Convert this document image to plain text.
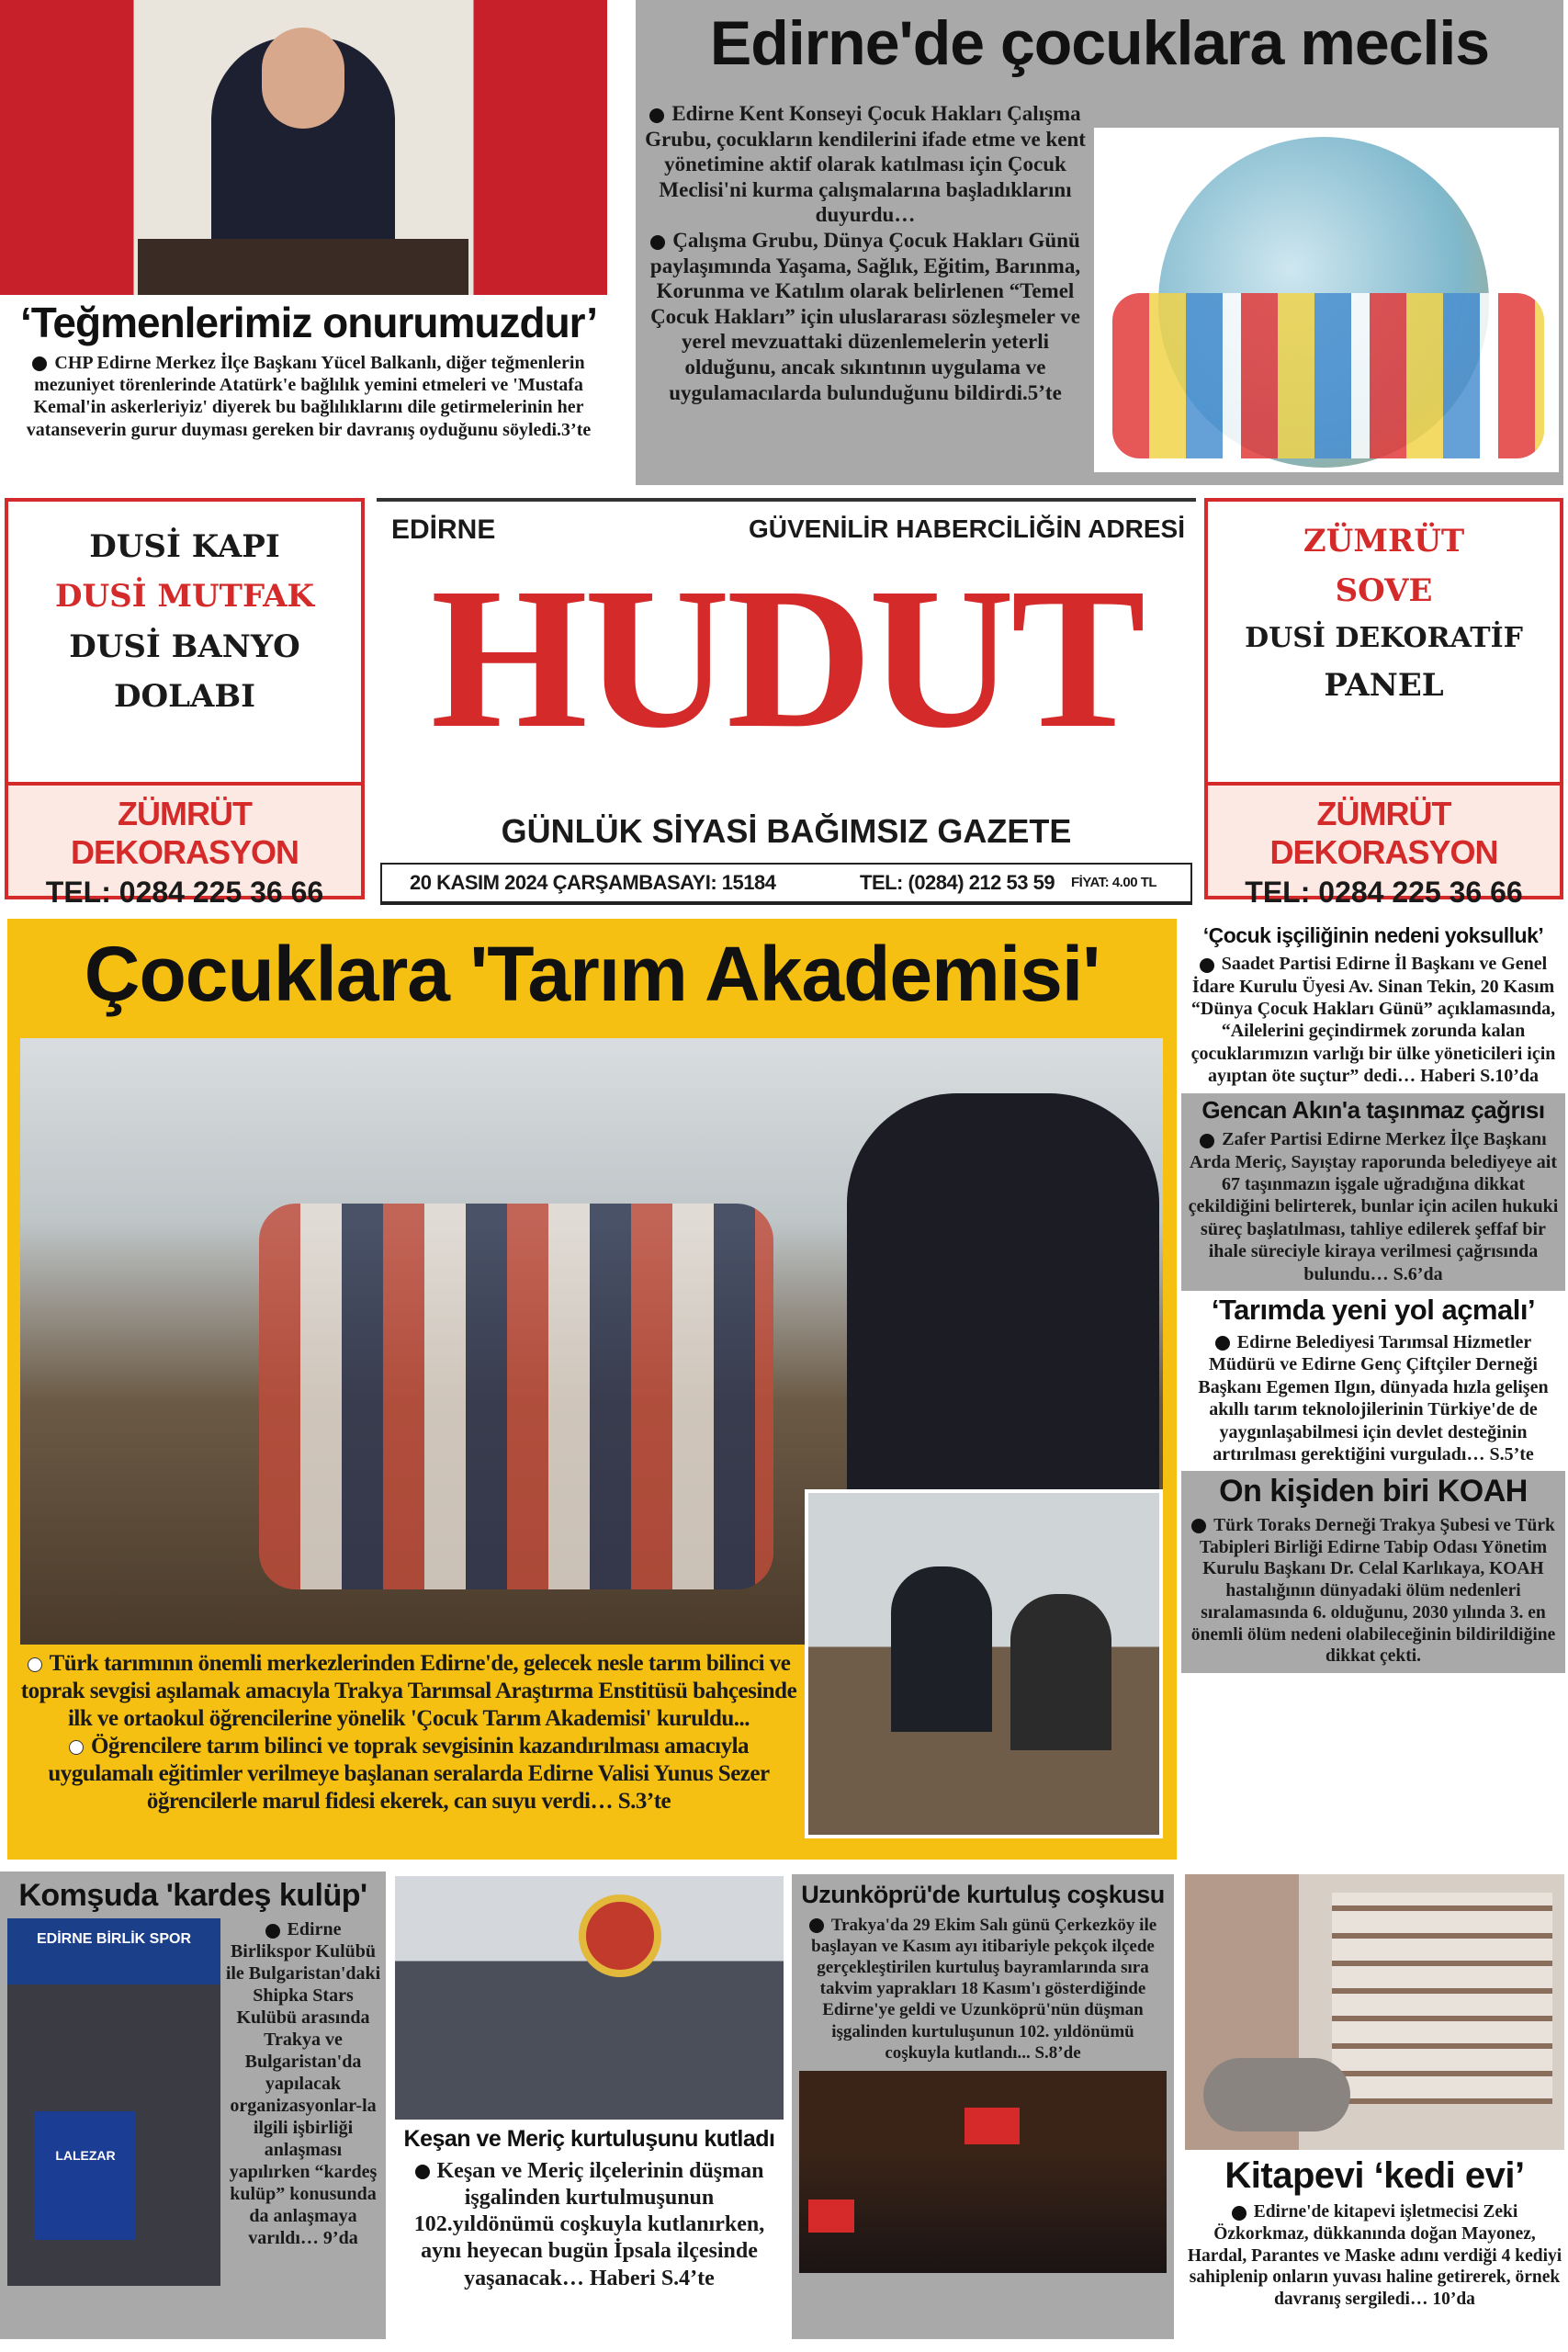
‘Teğmenlerimiz onurumuzdur’
CHP Edirne Merkez İlçe Başkanı Yücel Balkanlı, diğer teğmenlerin mezuniyet törenlerinde Atatürk'e bağlılık yemini etmeleri ve 'Mustafa Kemal'in askerleriyiz' diyerek bu bağlılıklarını dile getirmelerinin her vatanseverin gurur duyması gereken bir davranış oyduğunu söyledi.3’te
Edirne'de çocuklara meclis

Edirne Kent Konseyi Çocuk Hakları Çalışma Grubu, çocukların kendilerini ifade etme ve kent yönetimine aktif olarak katılması için Çocuk Meclisi'ni kurma çalışmalarına başladıklarını duyurdu…

Çalışma Grubu, Dünya Çocuk Hakları Günü paylaşımında Yaşama, Sağlık, Eğitim, Barınma, Korunma ve Katılım olarak belirlenen “Temel Çocuk Hakları” için uluslararası sözleşmeler ve yerel mevzuattaki düzenlemelerin yeterli olduğunu, ancak sıkıntının uygulama ve uygulamacılarda bulunduğunu bildirdi.5’te

DUSİ KAPI
DUSİ MUTFAK
DUSİ BANYO
DOLABI
ZÜMRÜT DEKORASYON
TEL: 0284 225 36 66
EDİRNE	GÜVENİLİR HABERCİLİĞİN ADRESİ
HUDUT
GÜNLÜK SİYASİ BAĞIMSIZ GAZETE
20 KASIM 2024 ÇARŞAMBA SAYI: 15184	TEL: (0284) 212 53 59 FİYAT: 4.00 TL
ZÜMRÜT
SOVE
DUSİ DEKORATİF
PANEL
ZÜMRÜT DEKORASYON
TEL: 0284 225 36 66
Çocuklara 'Tarım Akademisi'

Türk tarımının önemli merkezlerinden Edirne'de, gelecek nesle tarım bilinci ve toprak sevgisi aşılamak amacıyla Trakya Tarımsal Araştırma Enstitüsü bahçesinde ilk ve ortaokul öğrencilerine yönelik 'Çocuk Tarım Akademisi' kuruldu...

Öğrencilere tarım bilinci ve toprak sevgisinin kazandırılması amacıyla uygulamalı eğitimler verilmeye başlanan seralarda Edirne Valisi Yunus Sezer öğrencilerle marul fidesi ekerek, can suyu verdi… S.3’te

‘Çocuk işçiliğinin nedeni yoksulluk’
Saadet Partisi Edirne İl Başkanı ve Genel İdare Kurulu Üyesi Av. Sinan Tekin, 20 Kasım “Dünya Çocuk Hakları Günü” açıklamasında, “Ailelerini geçindirmek zorunda kalan çocuklarımızın varlığı bir ülke yöneticileri için ayıptan öte suçtur” dedi… Haberi S.10’da
Gencan Akın'a taşınmaz çağrısı
Zafer Partisi Edirne Merkez İlçe Başkanı Arda Meriç, Sayıştay raporunda belediyeye ait 67 taşınmazın işgale uğradığına dikkat çekildiğini belirterek, bunlar için acilen hukuki süreç başlatılması, tahliye edilerek şeffaf bir ihale süreciyle kiraya verilmesi çağrısında bulundu… S.6’da
‘Tarımda yeni yol açmalı’
Edirne Belediyesi Tarımsal Hizmetler Müdürü ve Edirne Genç Çiftçiler Derneği Başkanı Egemen Ilgın, dünyada hızla gelişen akıllı tarım teknolojilerinin Türkiye'de de yaygınlaşabilmesi için devlet desteğinin artırılması gerektiğini vurguladı… S.5’te
On kişiden biri KOAH
Türk Toraks Derneği Trakya Şubesi ve Türk Tabipleri Birliği Edirne Tabip Odası Yönetim Kurulu Başkanı Dr. Celal Karlıkaya, KOAH hastalığının dünyadaki ölüm nedenleri sıralamasında 6. olduğunu, 2030 yılında 3. en önemli ölüm nedeni olabileceğinin bildirildiğine dikkat çekti.
Komşuda 'kardeş kulüp'
EDİRNE BİRLİK SPOR
LALEZAR
Edirne Birlikspor Kulübü ile Bulgaristan'daki Shipka Stars Kulübü arasında Trakya ve Bulgaristan'da yapılacak organizasyonlar-la ilgili işbirliği anlaşması yapılırken “kardeş kulüp” konusunda da anlaşmaya varıldı… 9’da
Keşan ve Meriç kurtuluşunu kutladı
Keşan ve Meriç ilçelerinin düşman işgalinden kurtulmuşunun 102.yıldönümü coşkuyla kutlanırken, aynı heyecan bugün İpsala ilçesinde yaşanacak… Haberi S.4’te
Uzunköprü'de kurtuluş coşkusu
Trakya'da 29 Ekim Salı günü Çerkezköy ile başlayan ve Kasım ayı itibariyle pekçok ilçede gerçekleştirilen kurtuluş bayramlarında sıra takvim yaprakları 18 Kasım'ı gösterdiğinde Edirne'ye geldi ve Uzunköprü'nün düşman işgalinden kurtuluşunun 102. yıldönümü coşkuyla kutlandı... S.8’de
Kitapevi ‘kedi evi’
Edirne'de kitapevi işletmecisi Zeki Özkorkmaz, dükkanında doğan Mayonez, Hardal, Parantes ve Maske adını verdiği 4 kediyi sahiplenip onların yuvası haline getirerek, örnek davranış sergiledi… 10’da
